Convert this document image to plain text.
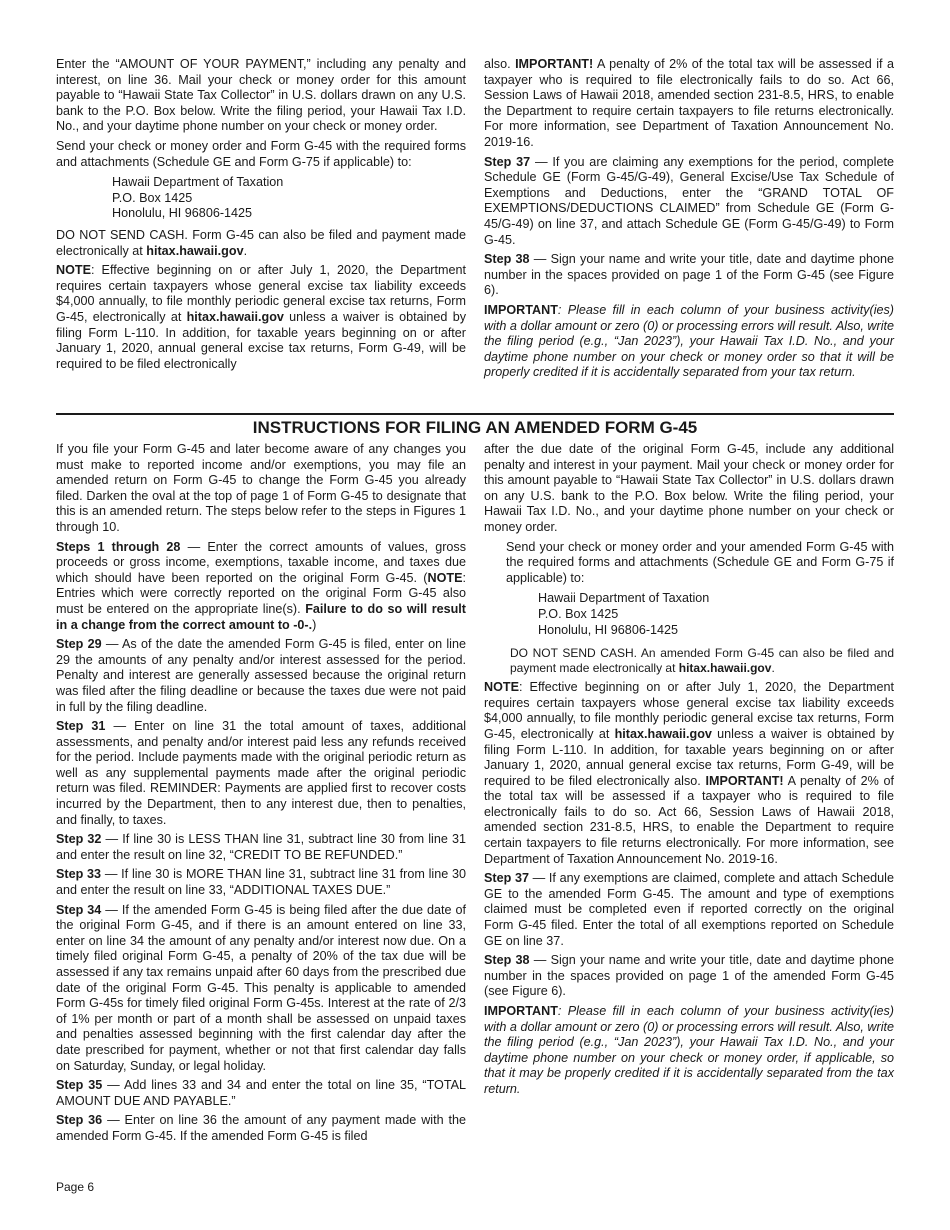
Enter the “AMOUNT OF YOUR PAYMENT,” including any penalty and interest, on line 36. Mail your check or money order for this amount payable to “Hawaii State Tax Collector” in U.S. dollars drawn on any U.S. bank to the P.O. Box below. Write the filing period, your Hawaii Tax I.D. No., and your daytime phone number on your check or money order.

Send your check or money order and Form G-45 with the required forms and attachments (Schedule GE and Form G-75 if applicable) to:

Hawaii Department of Taxation
P.O. Box 1425
Honolulu, HI 96806-1425

DO NOT SEND CASH. Form G-45 can also be filed and payment made electronically at hitax.hawaii.gov.

NOTE: Effective beginning on or after July 1, 2020, the Department requires certain taxpayers whose general excise tax liability exceeds $4,000 annually, to file monthly periodic general excise tax returns, Form G-45, electronically at hitax.hawaii.gov unless a waiver is obtained by filing Form L-110. In addition, for taxable years beginning on or after January 1, 2020, annual general excise tax returns, Form G-49, will be required to be filed electronically

also. IMPORTANT! A penalty of 2% of the total tax will be assessed if a taxpayer who is required to file electronically fails to do so. Act 66, Session Laws of Hawaii 2018, amended section 231-8.5, HRS, to enable the Department to require certain taxpayers to file returns electronically. For more information, see Department of Taxation Announcement No. 2019-16.

Step 37 — If you are claiming any exemptions for the period, complete Schedule GE (Form G-45/G-49), General Excise/Use Tax Schedule of Exemptions and Deductions, enter the “GRAND TOTAL OF EXEMPTIONS/DEDUCTIONS CLAIMED” from Schedule GE (Form G-45/G-49) on line 37, and attach Schedule GE (Form G-45/G-49) to Form G-45.

Step 38 — Sign your name and write your title, date and daytime phone number in the spaces provided on page 1 of the Form G-45 (see Figure 6).

IMPORTANT: Please fill in each column of your business activity(ies) with a dollar amount or zero (0) or processing errors will result. Also, write the filing period (e.g., “Jan 2023”), your Hawaii Tax I.D. No., and your daytime phone number on your check or money order so that it will be properly credited if it is accidentally separated from your tax return.

INSTRUCTIONS FOR FILING AN AMENDED FORM G-45

If you file your Form G-45 and later become aware of any changes you must make to reported income and/or exemptions, you may file an amended return on Form G-45 to change the Form G-45 you already filed. Darken the oval at the top of page 1 of Form G-45 to designate that this is an amended return. The steps below refer to the steps in Figures 1 through 10.

Steps 1 through 28 — Enter the correct amounts of values, gross proceeds or gross income, exemptions, taxable income, and taxes due which should have been reported on the original Form G-45. (NOTE: Entries which were correctly reported on the original Form G-45 also must be entered on the appropriate line(s). Failure to do so will result in a change from the correct amount to -0-.)

Step 29 — As of the date the amended Form G-45 is filed, enter on line 29 the amounts of any penalty and/or interest assessed for the period. Penalty and interest are generally assessed because the original return was filed after the filing deadline or because the taxes due were not paid in full by the filing deadline.

Step 31 — Enter on line 31 the total amount of taxes, additional assessments, and penalty and/or interest paid less any refunds received for the period. Include payments made with the original periodic return as well as any supplemental payments made after the original periodic return was filed. REMINDER: Payments are applied first to recover costs incurred by the Department, then to any interest due, then to penalties, and finally, to taxes.

Step 32 — If line 30 is LESS THAN line 31, subtract line 30 from line 31 and enter the result on line 32, “CREDIT TO BE REFUNDED.”

Step 33 — If line 30 is MORE THAN line 31, subtract line 31 from line 30 and enter the result on line 33, “ADDITIONAL TAXES DUE.”

Step 34 — If the amended Form G-45 is being filed after the due date of the original Form G-45, and if there is an amount entered on line 33, enter on line 34 the amount of any penalty and/or interest now due. On a timely filed original Form G-45, a penalty of 20% of the tax due will be assessed if any tax remains unpaid after 60 days from the prescribed due date of the original Form G-45. This penalty is applicable to amended Form G-45s for timely filed original Form G-45s. Interest at the rate of 2/3 of 1% per month or part of a month shall be assessed on unpaid taxes and penalties assessed beginning with the first calendar day after the date prescribed for payment, whether or not that first calendar day falls on Saturday, Sunday, or legal holiday.

Step 35 — Add lines 33 and 34 and enter the total on line 35, “TOTAL AMOUNT DUE AND PAYABLE.”

Step 36 — Enter on line 36 the amount of any payment made with the amended Form G-45. If the amended Form G-45 is filed

after the due date of the original Form G-45, include any additional penalty and interest in your payment. Mail your check or money order for this amount payable to “Hawaii State Tax Collector” in U.S. dollars drawn on any U.S. bank to the P.O. Box below. Write the filing period, your Hawaii Tax I.D. No., and your daytime phone number on your check or money order.

Send your check or money order and your amended Form G-45 with the required forms and attachments (Schedule GE and Form G-75 if applicable) to:

Hawaii Department of Taxation
P.O. Box 1425
Honolulu, HI 96806-1425

DO NOT SEND CASH. An amended Form G-45 can also be filed and payment made electronically at hitax.hawaii.gov.

NOTE: Effective beginning on or after July 1, 2020, the Department requires certain taxpayers whose general excise tax liability exceeds $4,000 annually, to file monthly periodic general excise tax returns, Form G-45, electronically at hitax.hawaii.gov unless a waiver is obtained by filing Form L-110. In addition, for taxable years beginning on or after January 1, 2020, annual general excise tax returns, Form G-49, will be required to be filed electronically also. IMPORTANT! A penalty of 2% of the total tax will be assessed if a taxpayer who is required to file electronically fails to do so. Act 66, Session Laws of Hawaii 2018, amended section 231-8.5, HRS, to enable the Department to require certain taxpayers to file returns electronically. For more information, see Department of Taxation Announcement No. 2019-16.

Step 37 — If any exemptions are claimed, complete and attach Schedule GE to the amended Form G-45. The amount and type of exemptions claimed must be completed even if reported correctly on the original Form G-45 filed. Enter the total of all exemptions reported on Schedule GE on line 37.

Step 38 — Sign your name and write your title, date and daytime phone number in the spaces provided on page 1 of the amended Form G-45 (see Figure 6).

IMPORTANT: Please fill in each column of your business activity(ies) with a dollar amount or zero (0) or processing errors will result. Also, write the filing period (e.g., “Jan 2023”), your Hawaii Tax I.D. No., and your daytime phone number on your check or money order, if applicable, so that it may be properly credited if it is accidentally separated from the tax return.

Page 6
